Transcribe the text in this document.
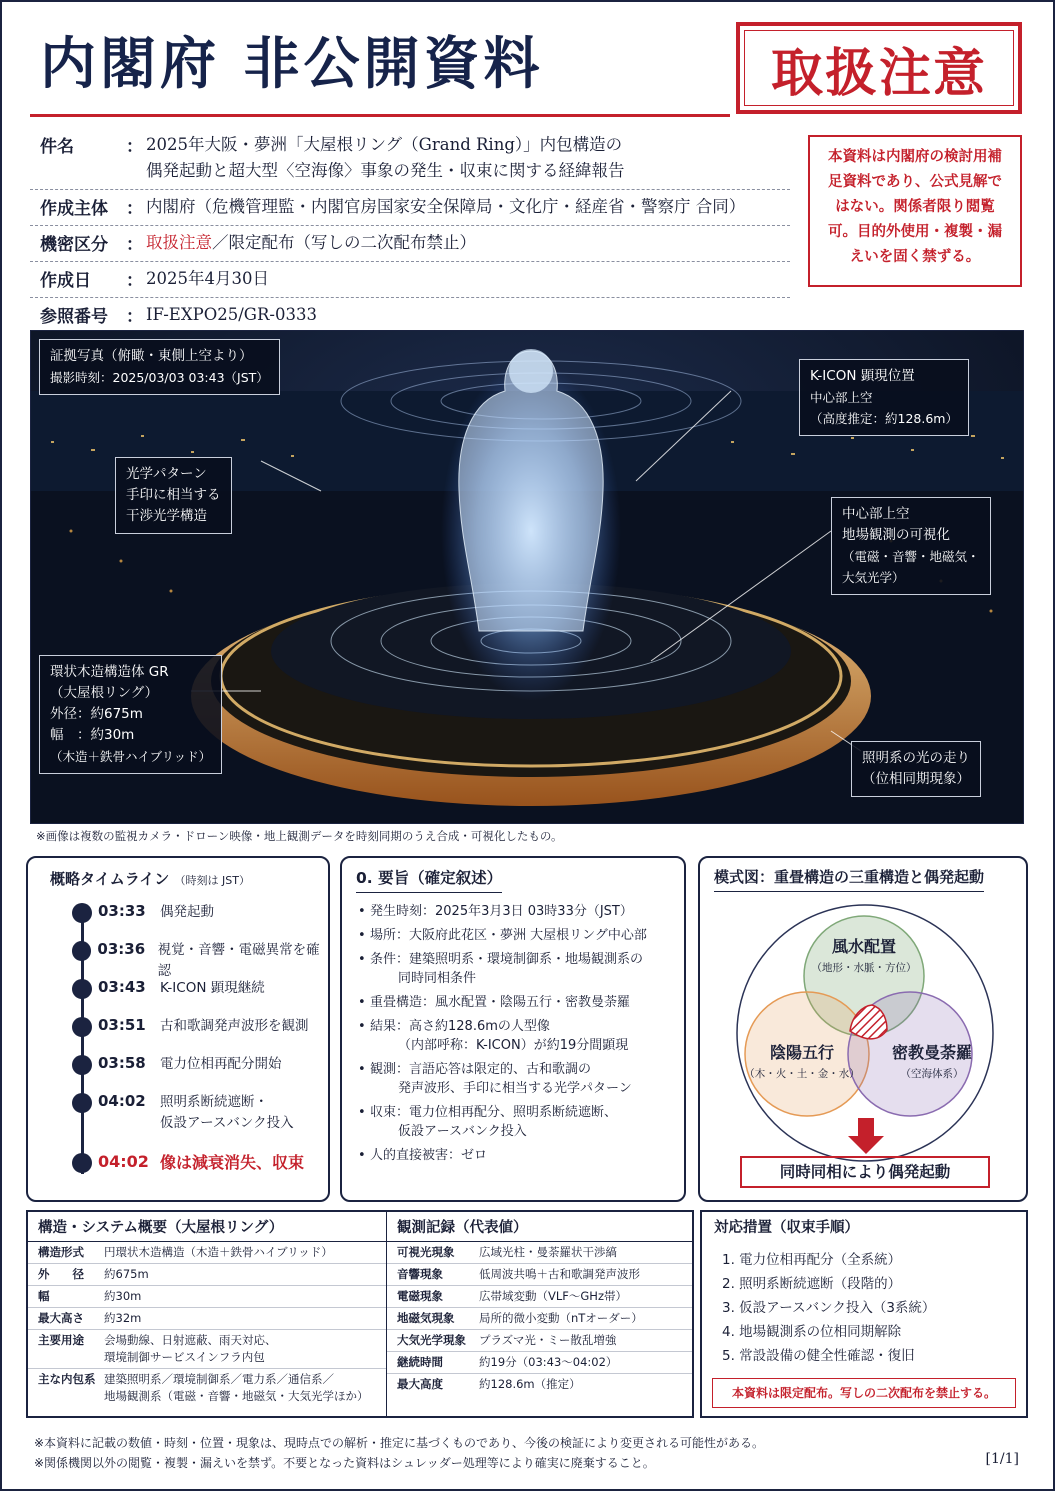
内閣府 非公開資料	取扱注意
件名	： 2025年大阪・夢洲「大屋根リング（Grand Ring）」内包構造の
偶発起動と超大型〈空海像〉事象の発生・収束に関する経緯報告
作成主体	： 内閣府（危機管理監・内閣官房国家安全保障局・文化庁・経産省・警察庁 合同）
機密区分	： 取扱注意／限定配布（写しの二次配布禁止）
作成日	： 2025年4月30日
参照番号	： IF-EXPO25/GR-0333
本資料は内閣府の検討用補足資料であり、公式見解ではない。関係者限り閲覧可。目的外使用・複製・漏えいを固く禁ずる。
証拠写真（俯瞰・東側上空より）
撮影時刻：2025/03/03 03:43（JST）	K-ICON 顕現位置
中心部上空
（高度推定：約128.6m）
光学パターン
手印に相当する
干渉光学構造	中心部上空
地場観測の可視化
（電磁・音響・地磁気・
大気光学）
環状木造構造体 GR
（大屋根リング）
外径：約675m
幅　：約30m
（木造＋鉄骨ハイブリッド）	照明系の光の走り
（位相同期現象）
※画像は複数の監視カメラ・ドローン映像・地上観測データを時刻同期のうえ合成・可視化したもの。
概略タイムライン （時刻は JST）
03:33	偶発起動
03:36 視覚・音響・電磁異常を確認
03:43	K-ICON 顕現継続
03:51	古和歌調発声波形を観測
03:58	電力位相再配分開始
04:02	照明系断続遮断・
仮設アースバンク投入
04:02 像は減衰消失、収束
0. 要旨（確定叙述）
• 発生時刻：2025年3月3日 03時33分（JST）
• 場所：大阪府此花区・夢洲 大屋根リング中心部
• 条件：建築照明系・環境制御系・地場観測系の
同時同相条件
• 重畳構造：風水配置・陰陽五行・密教曼荼羅
• 結果：高さ約128.6mの人型像
（内部呼称：K-ICON）が約19分間顕現
• 観測：言語応答は限定的、古和歌調の
発声波形、手印に相当する光学パターン
• 収束：電力位相再配分、照明系断続遮断、
仮設アースバンク投入
• 人的直接被害：ゼロ
模式図：重畳構造の三重構造と偶発起動
風水配置
（地形・水脈・方位）
陰陽五行
（木・火・土・金・水）
密教曼荼羅
（空海体系）
同時同相により偶発起動
構造・システム概要（大屋根リング）
構造形式	円環状木造構造（木造＋鉄骨ハイブリッド）
外　　径	約675m
幅	約30m
最大高さ	約32m
主要用途	会場動線、日射遮蔽、雨天対応、
環境制御サービスインフラ内包
主な内包系 建築照明系／環境制御系／電力系／通信系／
地場観測系（電磁・音響・地磁気・大気光学ほか）
観測記録（代表値）
可視光現象	広域光柱・曼荼羅状干渉縞
音響現象	低周波共鳴＋古和歌調発声波形
電磁現象	広帯域変動（VLF〜GHz帯）
地磁気現象	局所的微小変動（nTオーダー）
大気光学現象	プラズマ光・ミー散乱増強
継続時間	約19分（03:43〜04:02）
最大高度	約128.6m（推定）
対応措置（収束手順）
1. 電力位相再配分（全系統）
2. 照明系断続遮断（段階的）
3. 仮設アースバンク投入（3系統）
4. 地場観測系の位相同期解除
5. 常設設備の健全性確認・復旧
本資料は限定配布。写しの二次配布を禁止する。
※本資料に記載の数値・時刻・位置・現象は、現時点での解析・推定に基づくものであり、今後の検証により変更される可能性がある。
※関係機関以外の閲覧・複製・漏えいを禁ず。不要となった資料はシュレッダー処理等により確実に廃棄すること。	[1/1]
